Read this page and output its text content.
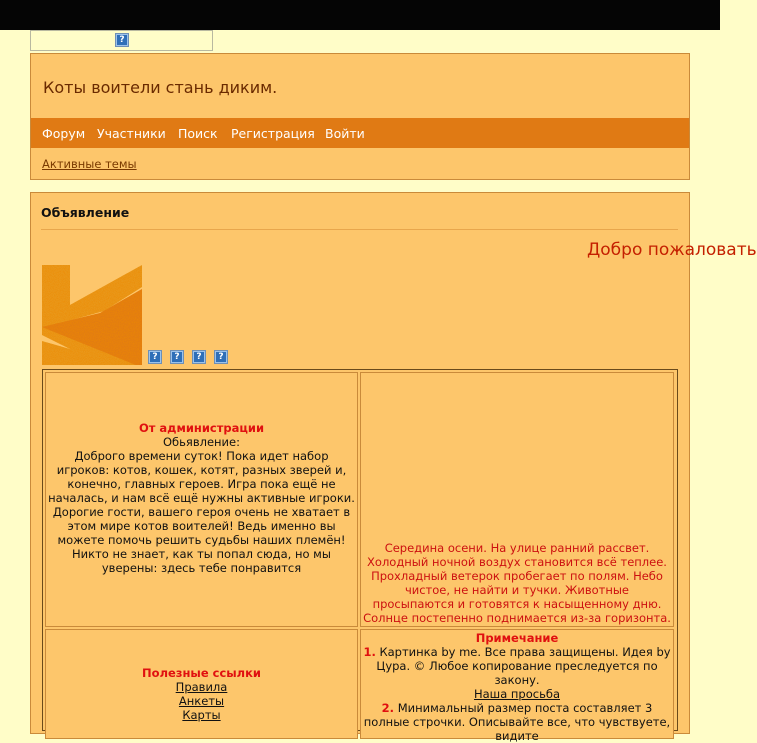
?
Коты воители стань диким.
Форум Участники Поиск Регистрация Войти
Активные темы
Объявление
Добро пожаловать
? ? ? ?
От администрации
Обьявление:
Доброго времени суток! Пока идет набор игроков: котов, кошек, котят, разных зверей и, конечно, главных героев. Игра пока ещё не началась, и нам всё ещё нужны активные игроки. Дорогие гости, вашего героя очень не хватает в этом мире котов воителей! Ведь именно вы можете помочь решить судьбы наших племён!
Никто не знает, как ты попал сюда, но мы уверены: здесь тебе понравится
Середина осени. На улице ранний рассвет. Холодный ночной воздух становится всё теплее. Прохладный ветерок пробегает по полям. Небо чистое, не найти и тучки. Животные просыпаются и готовятся к насыщенному дню. Солнце постепенно поднимается из-за горизонта.
Полезные ссылки
Правила
Анкеты
Карты
Примечание
1. Картинка by me. Все права защищены. Идея by Цура. © Любое копирование преследуется по закону.
Наша просьба
2. Минимальный размер поста составляет 3 полные строчки. Описывайте все, что чувствуете, видите
